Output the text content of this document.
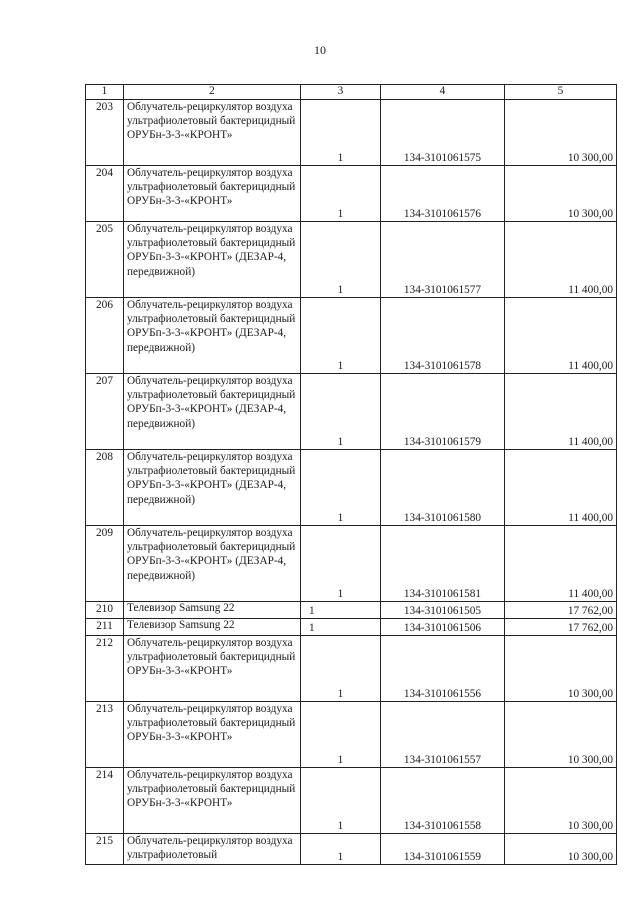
10
1	2	3	4	5
203	Облучатель-рециркулятор воздуха ультрафиолетовый бактерицидный ОРУБн-3-3-«КРОНТ»	1	134-3101061575	10 300,00
204	Облучатель-рециркулятор воздуха ультрафиолетовый бактерицидный ОРУБн-3-3-«КРОНТ»	1	134-3101061576	10 300,00
205	Облучатель-рециркулятор воздуха ультрафиолетовый бактерицидный ОРУБп-3-3-«КРОНТ» (ДЕЗАР-4, передвижной)	1	134-3101061577	11 400,00
206	Облучатель-рециркулятор воздуха ультрафиолетовый бактерицидный ОРУБп-3-3-«КРОНТ» (ДЕЗАР-4, передвижной)	1	134-3101061578	11 400,00
207	Облучатель-рециркулятор воздуха ультрафиолетовый бактерицидный ОРУБп-3-3-«КРОНТ» (ДЕЗАР-4, передвижной)	1	134-3101061579	11 400,00
208	Облучатель-рециркулятор воздуха ультрафиолетовый бактерицидный ОРУБп-3-3-«КРОНТ» (ДЕЗАР-4, передвижной)	1	134-3101061580	11 400,00
209	Облучатель-рециркулятор воздуха ультрафиолетовый бактерицидный ОРУБп-3-3-«КРОНТ» (ДЕЗАР-4, передвижной)	1	134-3101061581	11 400,00
210	Телевизор Samsung 22	1	134-3101061505	17 762,00
211	Телевизор Samsung 22	1	134-3101061506	17 762,00
212	Облучатель-рециркулятор воздуха ультрафиолетовый бактерицидный ОРУБн-3-3-«КРОНТ»	1	134-3101061556	10 300,00
213	Облучатель-рециркулятор воздуха ультрафиолетовый бактерицидный ОРУБн-3-3-«КРОНТ»	1	134-3101061557	10 300,00
214	Облучатель-рециркулятор воздуха ультрафиолетовый бактерицидный ОРУБн-3-3-«КРОНТ»	1	134-3101061558	10 300,00
215	Облучатель-рециркулятор воздуха ультрафиолетовый	1	134-3101061559	10 300,00
